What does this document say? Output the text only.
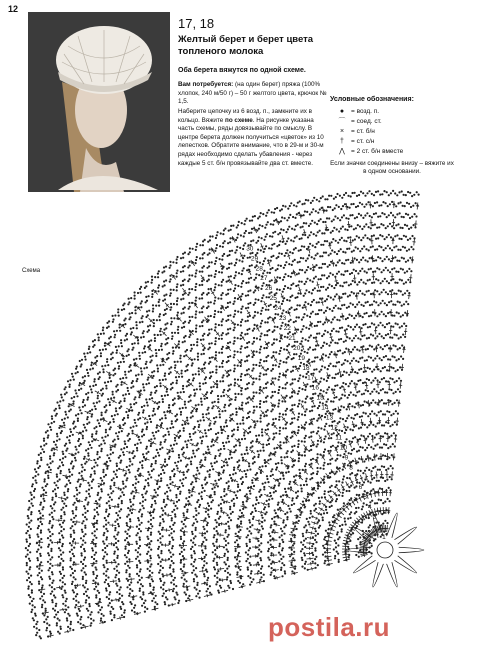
12
17, 18
Желтый берет и берет цвета топленого молока
Оба берета вяжутся по одной схеме.
Вам потребуется: (на один берет) пряжа (100% хлопок, 240 м/50 г) – 50 г желтого цвета, крючок № 1,5.
Наберите цепочку из 6 возд. п., замкните их в кольцо. Вяжите по схеме. На рисунке указана часть схемы, ряды довязывайте по смыслу. В центре берета должен получиться «цветок» из 10 лепестков. Обратите внимание, что в 29-м и 30-м рядах необходимо сделать убавления - через каждые 5 ст. б/н провязывайте два ст. вместе.
Условные обозначения:
●	= возд. п.
⌒ = соед. ст.
×	= ст. б/н
†	= ст. с/н
⋀ = 2 ст. б/н вместе
Если значки соединены внизу – вяжите их в одном основании.
Схема
30
29
28
27
26
25
24
23
22
21
20
19
18
17
16
15
14
13
12
11
10
9
8
7
6
5
4
3
2
1
postila.ru
